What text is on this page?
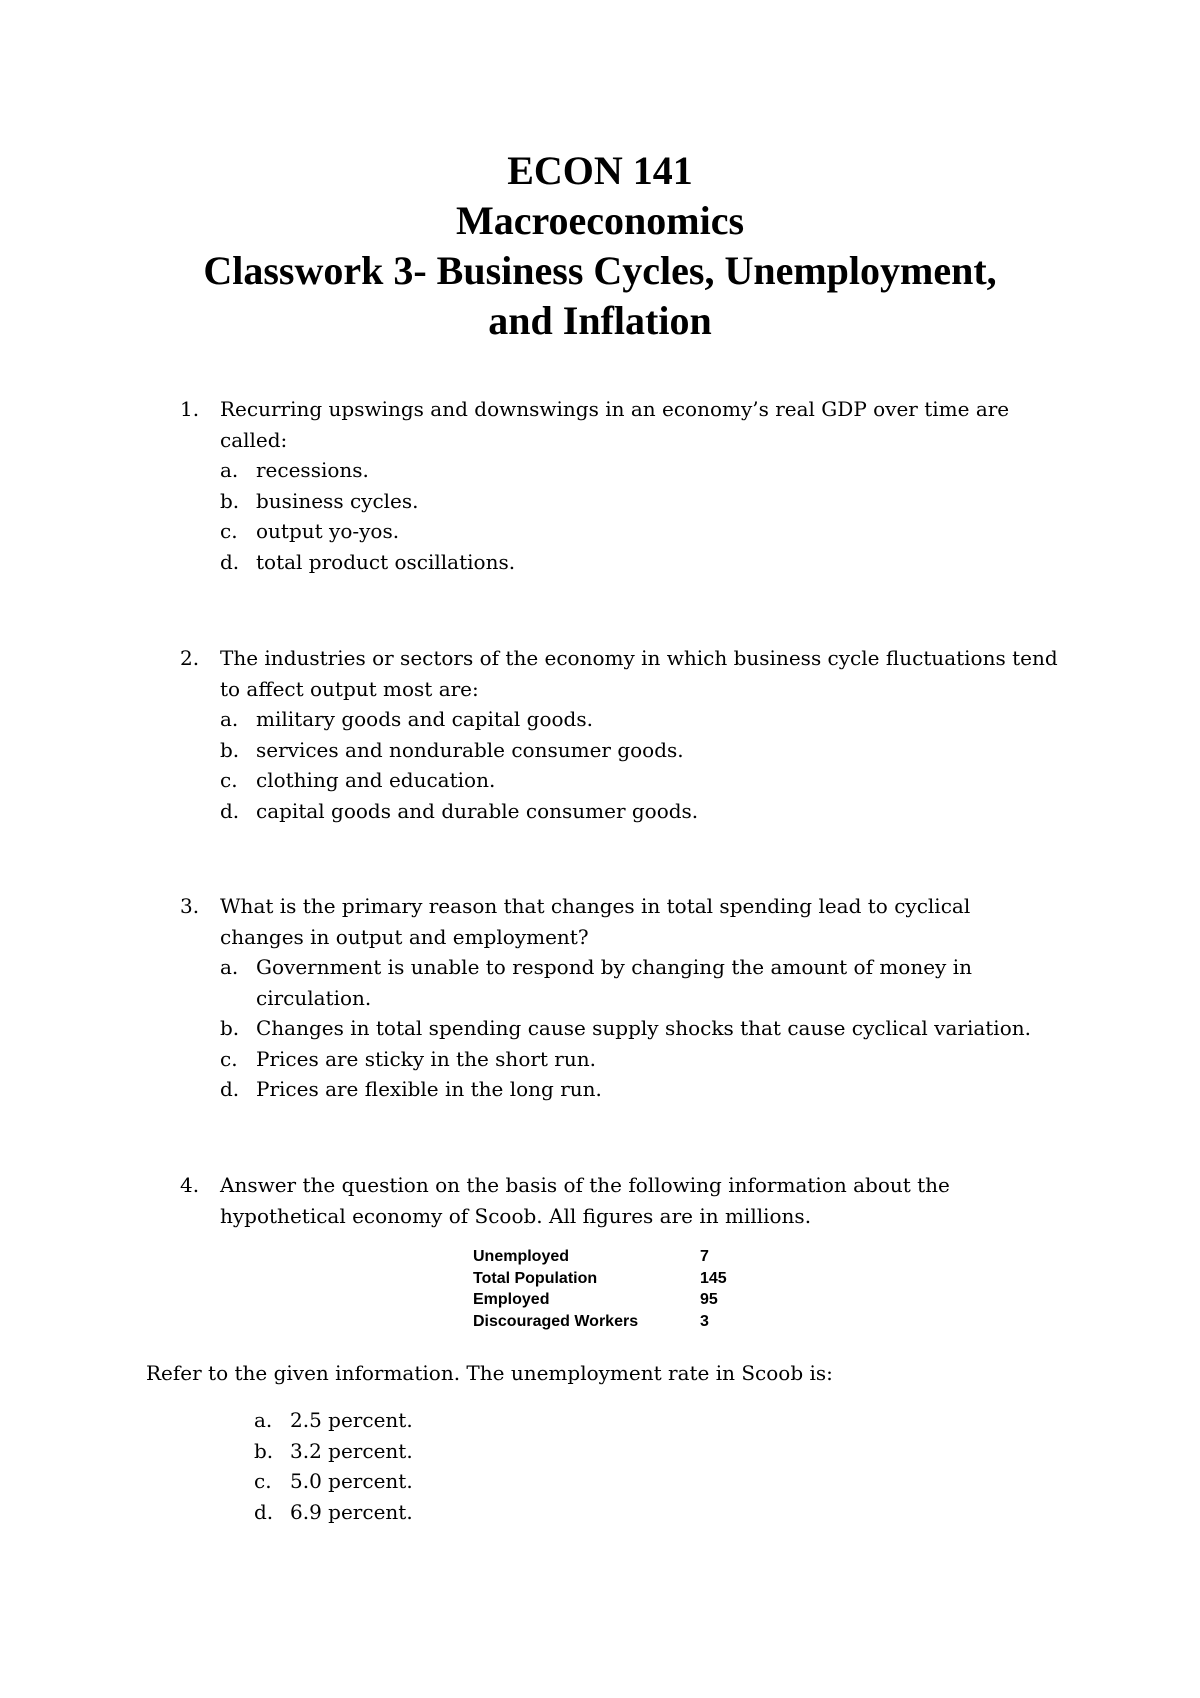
ECON 141
Macroeconomics
Classwork 3- Business Cycles, Unemployment,
and Inflation
1. Recurring upswings and downswings in an economy’s real GDP over time are called:
a. recessions.
b. business cycles.
c. output yo-yos.
d. total product oscillations.
2. The industries or sectors of the economy in which business cycle fluctuations tend to affect output most are:
a. military goods and capital goods.
b. services and nondurable consumer goods.
c. clothing and education.
d. capital goods and durable consumer goods.
3. What is the primary reason that changes in total spending lead to cyclical changes in output and employment?
a. Government is unable to respond by changing the amount of money in circulation.
b. Changes in total spending cause supply shocks that cause cyclical variation.
c. Prices are sticky in the short run.
d. Prices are flexible in the long run.
4. Answer the question on the basis of the following information about the hypothetical economy of Scoob. All figures are in millions.
Unemployed	7
Total Population	145
Employed	95
Discouraged Workers	3
Refer to the given information. The unemployment rate in Scoob is:
a. 2.5 percent.
b. 3.2 percent.
c. 5.0 percent.
d. 6.9 percent.
